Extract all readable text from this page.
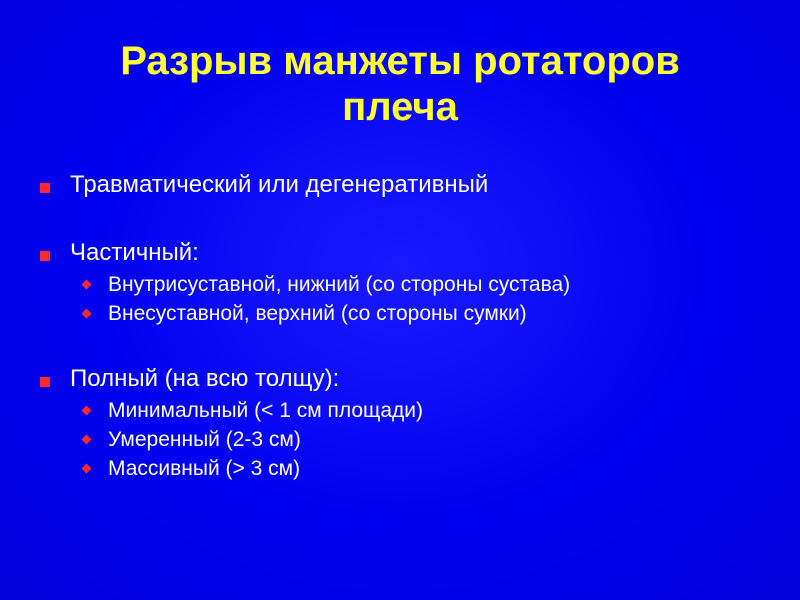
Разрыв манжеты ротаторов
плеча
Травматический или дегенеративный
Частичный:
Внутрисуставной, нижний (со стороны сустава)
Внесуставной, верхний (со стороны сумки)
Полный (на всю толщу):
Минимальный (< 1 см площади)
Умеренный (2-3 см)
Массивный (> 3 см)
